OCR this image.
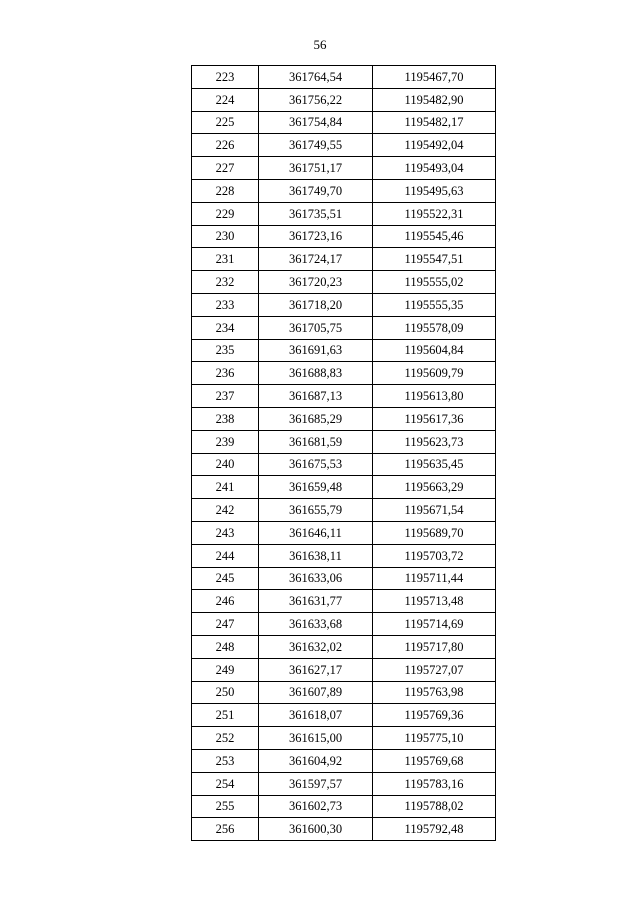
56
223	361764,54	1195467,70
224	361756,22	1195482,90
225	361754,84	1195482,17
226	361749,55	1195492,04
227	361751,17	1195493,04
228	361749,70	1195495,63
229	361735,51	1195522,31
230	361723,16	1195545,46
231	361724,17	1195547,51
232	361720,23	1195555,02
233	361718,20	1195555,35
234	361705,75	1195578,09
235	361691,63	1195604,84
236	361688,83	1195609,79
237	361687,13	1195613,80
238	361685,29	1195617,36
239	361681,59	1195623,73
240	361675,53	1195635,45
241	361659,48	1195663,29
242	361655,79	1195671,54
243	361646,11	1195689,70
244	361638,11	1195703,72
245	361633,06	1195711,44
246	361631,77	1195713,48
247	361633,68	1195714,69
248	361632,02	1195717,80
249	361627,17	1195727,07
250	361607,89	1195763,98
251	361618,07	1195769,36
252	361615,00	1195775,10
253	361604,92	1195769,68
254	361597,57	1195783,16
255	361602,73	1195788,02
256	361600,30	1195792,48
